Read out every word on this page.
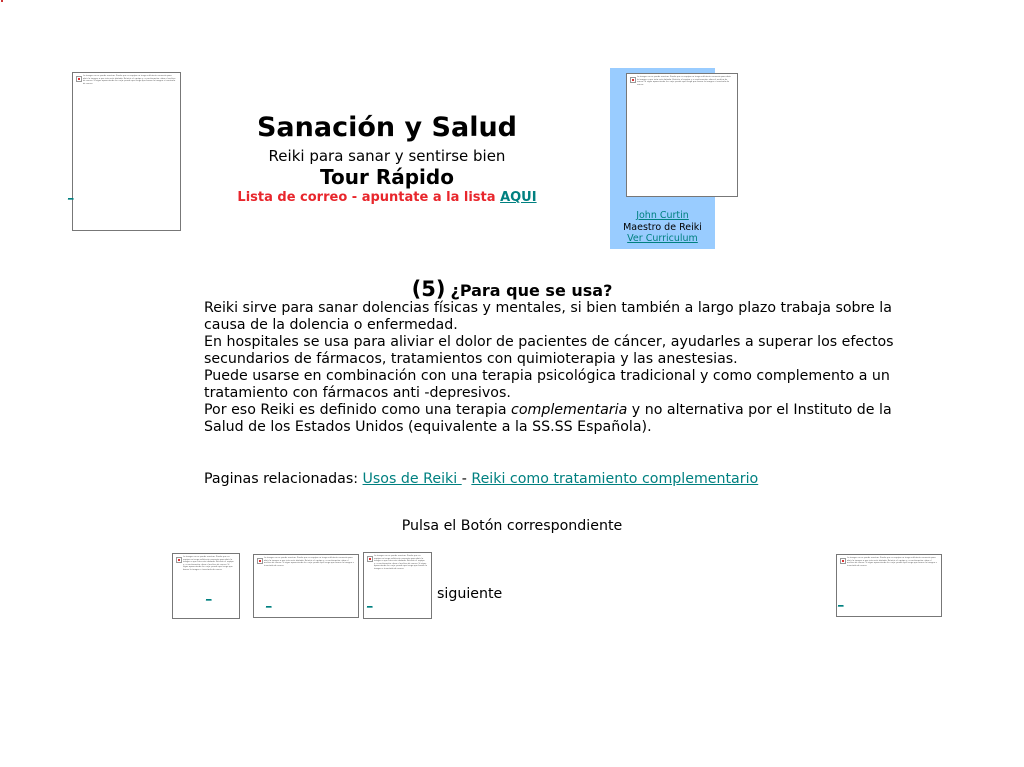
La imagen no se puede mostrar. Puede que su equipo no tenga suficiente memoria para abrir la imagen o que ésta esté dañada. Reinicie el equipo y, a continuación, abra el archivo de nuevo. Si sigue apareciendo la x roja, puede que tenga que borrar la imagen e insertarla de nuevo.
_
Sanación y Salud
Reiki para sanar y sentirse bien
Tour Rápido
Lista de correo - apuntate a la lista AQUI
La imagen no se puede mostrar. Puede que su equipo no tenga suficiente memoria para abrir la imagen o que ésta esté dañada. Reinicie el equipo y, a continuación, abra el archivo de nuevo. Si sigue apareciendo la x roja, puede que tenga que borrar la imagen e insertarla de nuevo.
John Curtin
Maestro de Reiki
Ver Curriculum
(5) ¿Para que se usa?

Reiki sirve para sanar dolencias físicas y mentales, si bien también a largo plazo trabaja sobre la causa de la dolencia o enfermedad.

En hospitales se usa para aliviar el dolor de pacientes de cáncer, ayudarles a superar los efectos secundarios de fármacos, tratamientos con quimioterapia y las anestesias.

Puede usarse en combinación con una terapia psicológica tradicional y como complemento a un tratamiento con fármacos anti -depresivos.

Por eso Reiki es definido como una terapia complementaria y no alternativa por el Instituto de la Salud de los Estados Unidos (equivalente a la SS.SS Española).

Paginas relacionadas: Usos de Reiki - Reiki como tratamiento complementario
Pulsa el Botón correspondiente
La imagen no se puede mostrar. Puede que su equipo no tenga suficiente memoria para abrir la imagen o que ésta esté dañada. Reinicie el equipo y, a continuación, abra el archivo de nuevo. Si sigue apareciendo la x roja, puede que tenga que borrar la imagen e insertarla de nuevo.
_
La imagen no se puede mostrar. Puede que su equipo no tenga suficiente memoria para abrir la imagen o que ésta esté dañada. Reinicie el equipo y, a continuación, abra el archivo de nuevo. Si sigue apareciendo la x roja, puede que tenga que borrar la imagen e insertarla de nuevo.
_
La imagen no se puede mostrar. Puede que su equipo no tenga suficiente memoria para abrir la imagen o que ésta esté dañada. Reinicie el equipo y, a continuación, abra el archivo de nuevo. Si sigue apareciendo la x roja, puede que tenga que borrar la imagen e insertarla de nuevo.
_	siguiente
La imagen no se puede mostrar. Puede que su equipo no tenga suficiente memoria para abrir la imagen o que ésta esté dañada. Reinicie el equipo y, a continuación, abra el archivo de nuevo. Si sigue apareciendo la x roja, puede que tenga que borrar la imagen e insertarla de nuevo.
_
